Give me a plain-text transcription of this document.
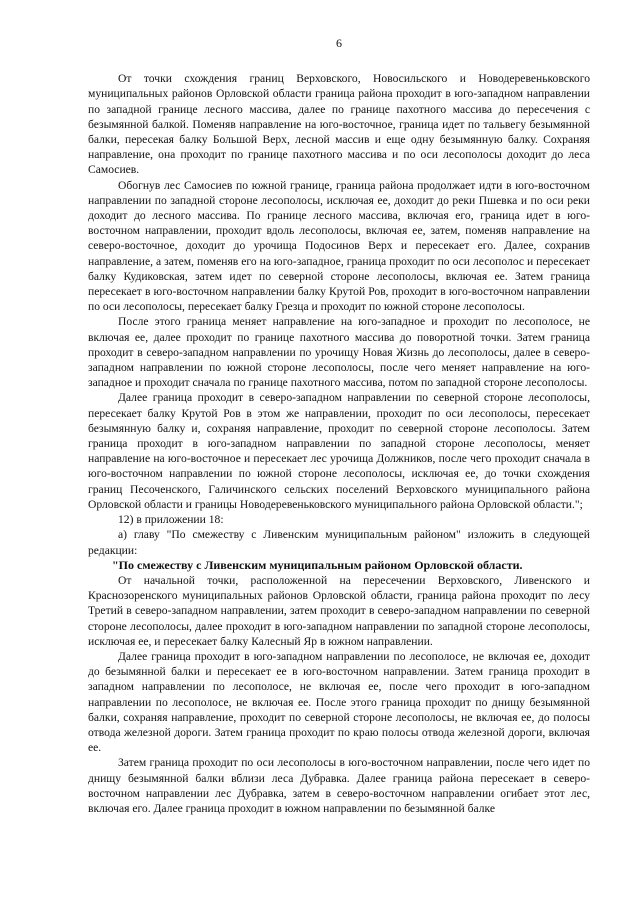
6

От точки схождения границ Верховского, Новосильского и Новодеревеньковского муниципальных районов Орловской области граница района проходит в юго-западном направлении по западной границе лесного массива, далее по границе пахотного массива до пересечения с безымянной балкой. Поменяв направление на юго-восточное, граница идет по тальвегу безымянной балки, пересекая балку Большой Верх, лесной массив и еще одну безымянную балку. Сохраняя направление, она проходит по границе пахотного массива и по оси лесополосы доходит до леса Самосиев.

Обогнув лес Самосиев по южной границе, граница района продолжает идти в юго-восточном направлении по западной стороне лесополосы, исключая ее, доходит до реки Пшевка и по оси реки доходит до лесного массива. По границе лесного массива, включая его, граница идет в юго-восточном направлении, проходит вдоль лесополосы, включая ее, затем, поменяв направление на северо-восточное, доходит до урочища Подосинов Верх и пересекает его. Далее, сохранив направление, а затем, поменяв его на юго-западное, граница проходит по оси лесополос и пересекает балку Кудиковская, затем идет по северной стороне лесополосы, включая ее. Затем граница пересекает в юго-восточном направлении балку Крутой Ров, проходит в юго-восточном направлении по оси лесополосы, пересекает балку Грезца и проходит по южной стороне лесополосы.

После этого граница меняет направление на юго-западное и проходит по лесополосе, не включая ее, далее проходит по границе пахотного массива до поворотной точки. Затем граница проходит в северо-западном направлении по урочищу Новая Жизнь до лесополосы, далее в северо-западном направлении по южной стороне лесополосы, после чего меняет направление на юго-западное и проходит сначала по границе пахотного массива, потом по западной стороне лесополосы.

Далее граница проходит в северо-западном направлении по северной стороне лесополосы, пересекает балку Крутой Ров в этом же направлении, проходит по оси лесополосы, пересекает безымянную балку и, сохраняя направление, проходит по северной стороне лесополосы. Затем граница проходит в юго-западном направлении по западной стороне лесополосы, меняет направление на юго-восточное и пересекает лес урочища Должников, после чего проходит сначала в юго-восточном направлении по южной стороне лесополосы, исключая ее, до точки схождения границ Песоченского, Галичинского сельских поселений Верховского муниципального района Орловской области и границы Новодеревеньковского муниципального района Орловской области.";

12) в приложении 18:

а) главу "По смежеству с Ливенским муниципальным районом" изложить в следующей редакции:

"По смежеству с Ливенским муниципальным районом Орловской области.

От начальной точки, расположенной на пересечении Верховского, Ливенского и Краснозоренского муниципальных районов Орловской области, граница района проходит по лесу Третий в северо-западном направлении, затем проходит в северо-западном направлении по северной стороне лесополосы, далее проходит в юго-западном направлении по западной стороне лесополосы, исключая ее, и пересекает балку Калесный Яр в южном направлении.

Далее граница проходит в юго-западном направлении по лесополосе, не включая ее, доходит до безымянной балки и пересекает ее в юго-восточном направлении. Затем граница проходит в западном направлении по лесополосе, не включая ее, после чего проходит в юго-западном направлении по лесополосе, не включая ее. После этого граница проходит по днищу безымянной балки, сохраняя направление, проходит по северной стороне лесополосы, не включая ее, до полосы отвода железной дороги. Затем граница проходит по краю полосы отвода железной дороги, включая ее.

Затем граница проходит по оси лесополосы в юго-восточном направлении, после чего идет по днищу безымянной балки вблизи леса Дубравка. Далее граница района пересекает в северо-восточном направлении лес Дубравка, затем в северо-восточном направлении огибает этот лес, включая его. Далее граница проходит в южном направлении по безымянной балке
